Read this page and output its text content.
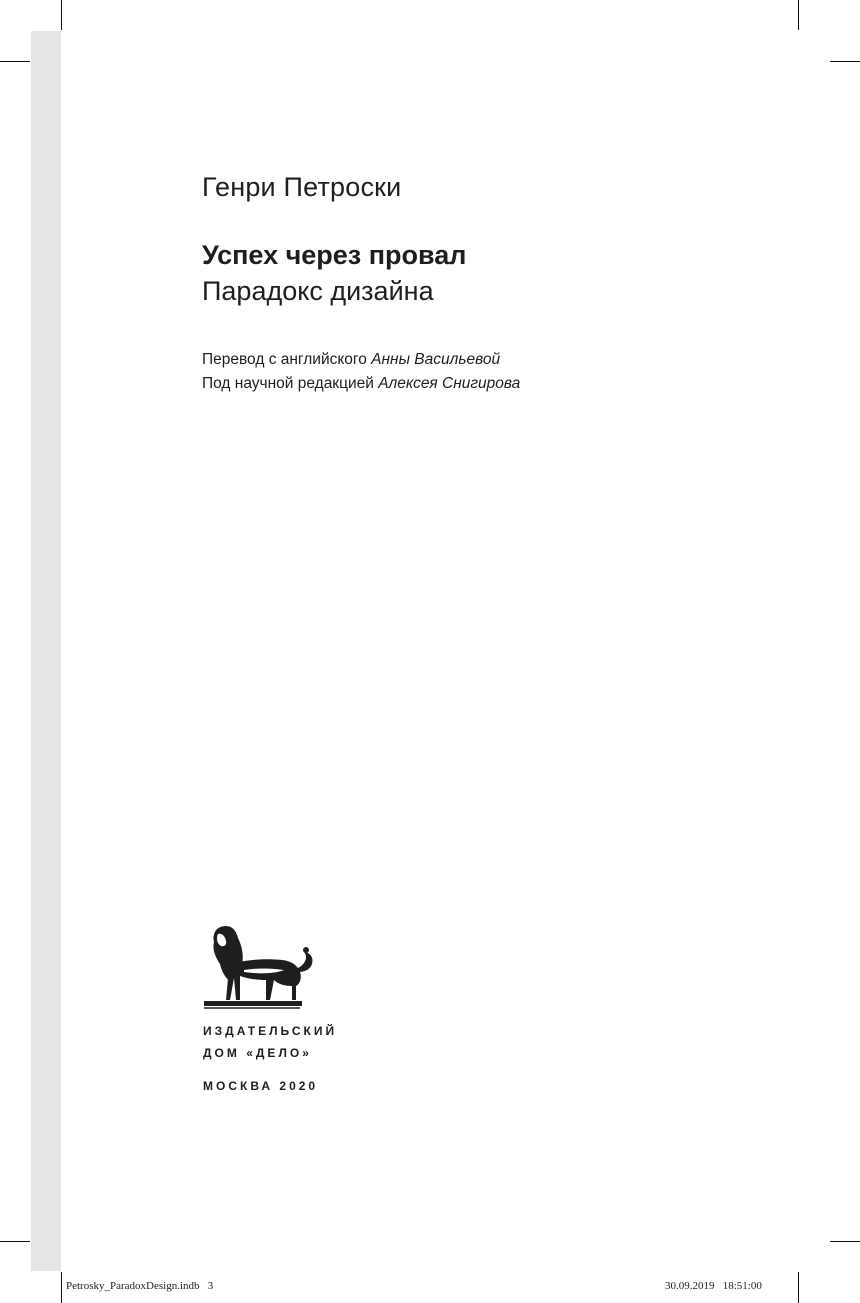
Генри Петроски
Успех через провал
Парадокс дизайна
Перевод с английского Анны Васильевой
Под научной редакцией Алексея Снигирова
ИЗДАТЕЛЬСКИЙ
ДОМ «ДЕЛО»
МОСКВА 2020
Petrosky_ParadoxDesign.indb   3	30.09.2019   18:51:00
